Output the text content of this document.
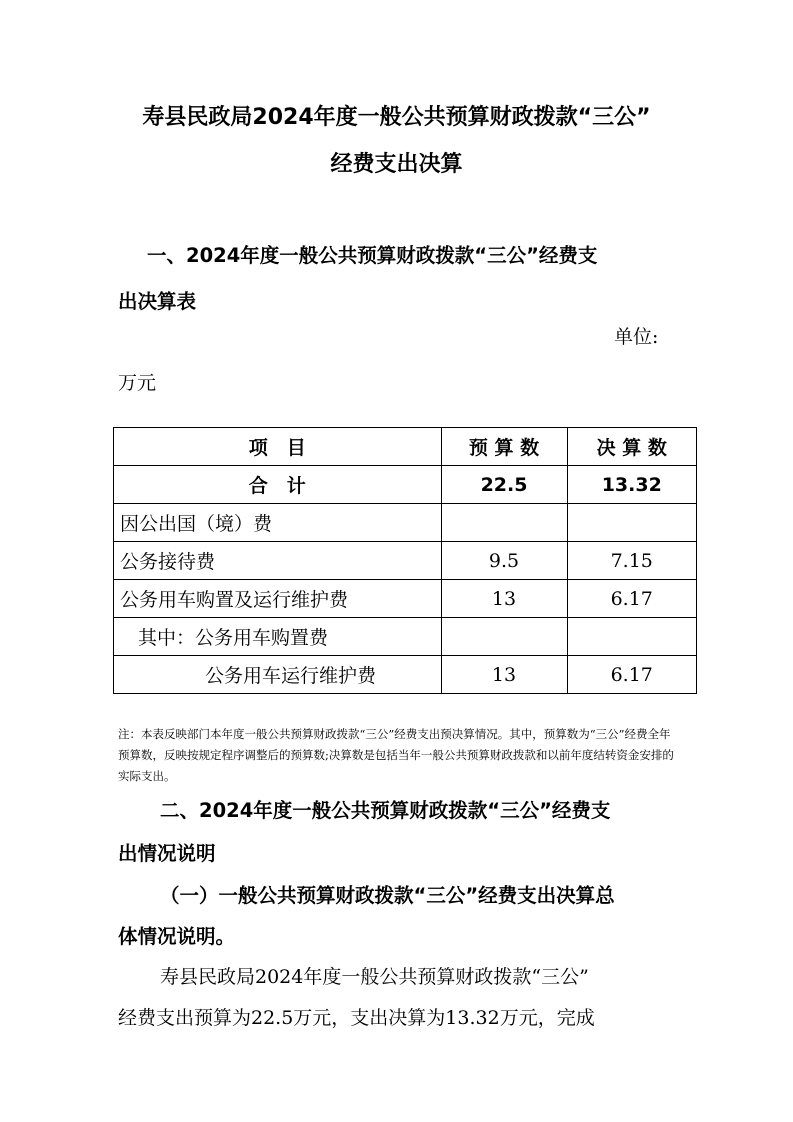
寿县民政局2024年度一般公共预算财政拨款“三公”
经费支出决算
一、2024年度一般公共预算财政拨款“三公”经费支
出决算表
单位:
万元
项　目	预 算 数	决 算 数
合　计	22.5	13.32
因公出国（境）费		
公务接待费	9.5	7.15
公务用车购置及运行维护费	13	6.17
其中：公务用车购置费		
公务用车运行维护费	13	6.17
注：本表反映部门本年度一般公共预算财政拨款“三公”经费支出预决算情况。其中，预算数为“三公”经费全年预算数，反映按规定程序调整后的预算数;决算数是包括当年一般公共预算财政拨款和以前年度结转资金安排的实际支出。
二、2024年度一般公共预算财政拨款“三公”经费支
出情况说明
（一）一般公共预算财政拨款“三公”经费支出决算总
体情况说明。
寿县民政局2024年度一般公共预算财政拨款“三公”
经费支出预算为22.5万元，支出决算为13.32万元，完成
